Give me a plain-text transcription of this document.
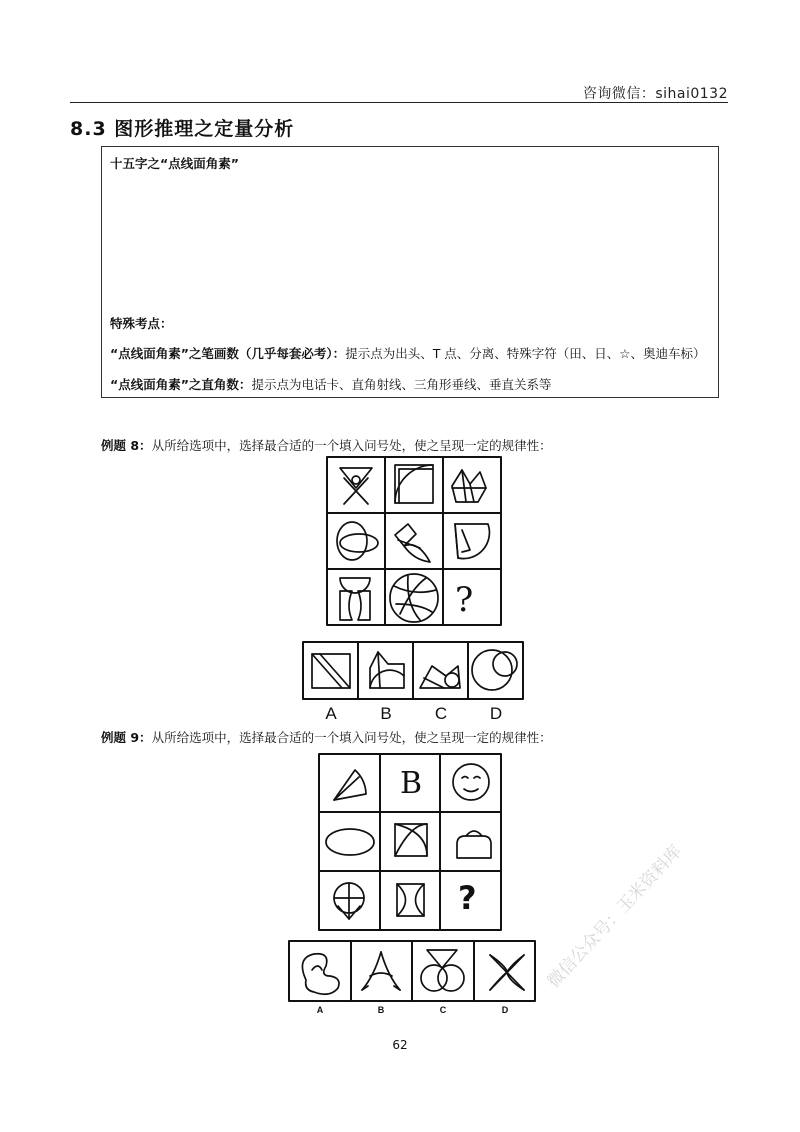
咨询微信：sihai0132
8.3 图形推理之定量分析
十五字之“点线面角素”
特殊考点：
“点线面角素”之笔画数（几乎每套必考）：提示点为出头、T 点、分离、特殊字符（田、日、☆、奥迪车标）
“点线面角素”之直角数：提示点为电话卡、直角射线、三角形垂线、垂直关系等
例题 8：从所给选项中，选择最合适的一个填入问号处，使之呈现一定的规律性：
?
A	B	C	D
例题 9：从所给选项中，选择最合适的一个填入问号处，使之呈现一定的规律性：
B
?
A	B	C	D
62
微信公众号：玉米资料库
